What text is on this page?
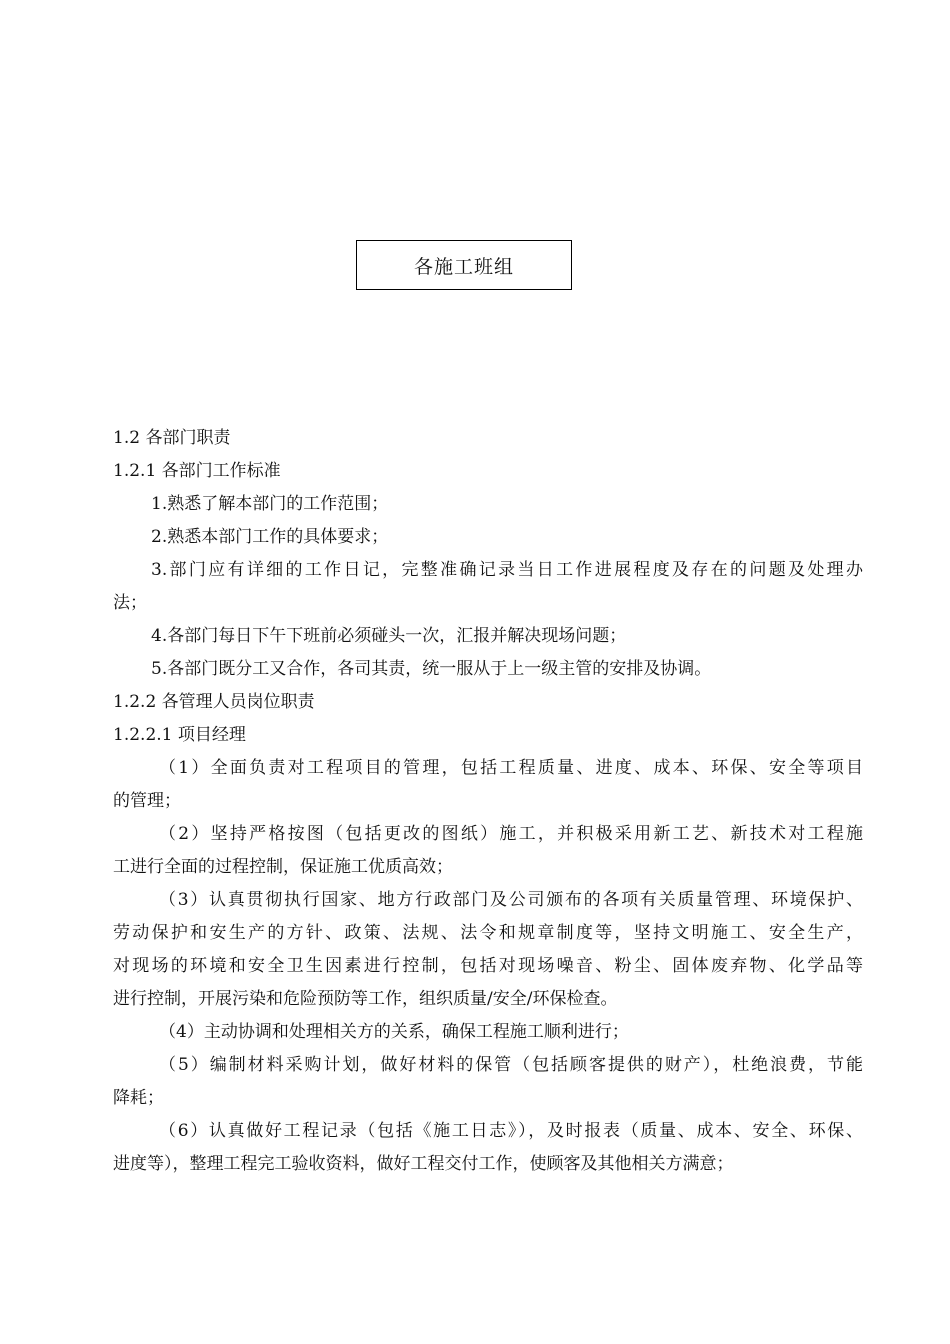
各施工班组
1.2 各部门职责
1.2.1 各部门工作标准
1.熟悉了解本部门的工作范围；
2.熟悉本部门工作的具体要求；
3.部门应有详细的工作日记，完整准确记录当日工作进展程度及存在的问题及处理办
法；
4.各部门每日下午下班前必须碰头一次，汇报并解决现场问题；
5.各部门既分工又合作，各司其责，统一服从于上一级主管的安排及协调。
1.2.2 各管理人员岗位职责
1.2.2.1 项目经理
（1）全面负责对工程项目的管理，包括工程质量、进度、成本、环保、安全等项目
的管理；
（2）坚持严格按图（包括更改的图纸）施工，并积极采用新工艺、新技术对工程施
工进行全面的过程控制，保证施工优质高效；
（3）认真贯彻执行国家、地方行政部门及公司颁布的各项有关质量管理、环境保护、
劳动保护和安生产的方针、政策、法规、法令和规章制度等，坚持文明施工、安全生产，
对现场的环境和安全卫生因素进行控制，包括对现场噪音、粉尘、固体废弃物、化学品等
进行控制，开展污染和危险预防等工作，组织质量/安全/环保检查。
（4）主动协调和处理相关方的关系，确保工程施工顺利进行；
（5）编制材料采购计划，做好材料的保管（包括顾客提供的财产），杜绝浪费，节能
降耗；
（6）认真做好工程记录（包括《施工日志》），及时报表（质量、成本、安全、环保、
进度等），整理工程完工验收资料，做好工程交付工作，使顾客及其他相关方满意；
